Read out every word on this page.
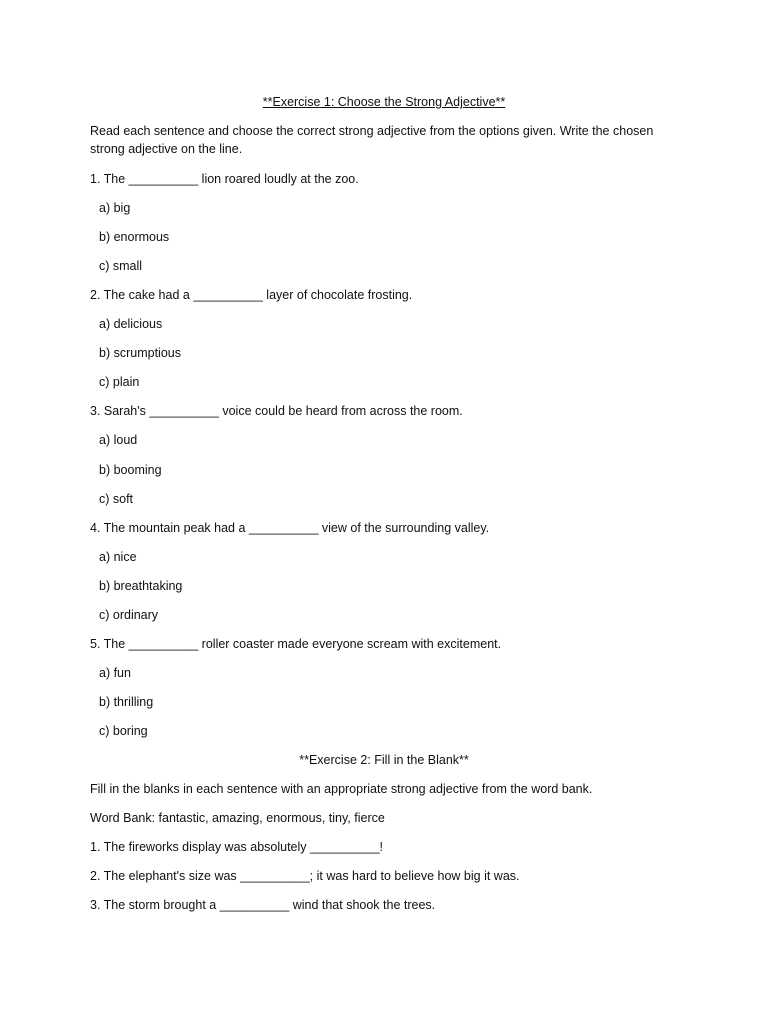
**Exercise 1: Choose the Strong Adjective**
Read each sentence and choose the correct strong adjective from the options given. Write the chosen
strong adjective on the line.
1. The __________ lion roared loudly at the zoo.
a) big
b) enormous
c) small
2. The cake had a __________ layer of chocolate frosting.
a) delicious
b) scrumptious
c) plain
3. Sarah's __________ voice could be heard from across the room.
a) loud
b) booming
c) soft
4. The mountain peak had a __________ view of the surrounding valley.
a) nice
b) breathtaking
c) ordinary
5. The __________ roller coaster made everyone scream with excitement.
a) fun
b) thrilling
c) boring
**Exercise 2: Fill in the Blank**
Fill in the blanks in each sentence with an appropriate strong adjective from the word bank.
Word Bank: fantastic, amazing, enormous, tiny, fierce
1. The fireworks display was absolutely __________!
2. The elephant's size was __________; it was hard to believe how big it was.
3. The storm brought a __________ wind that shook the trees.
